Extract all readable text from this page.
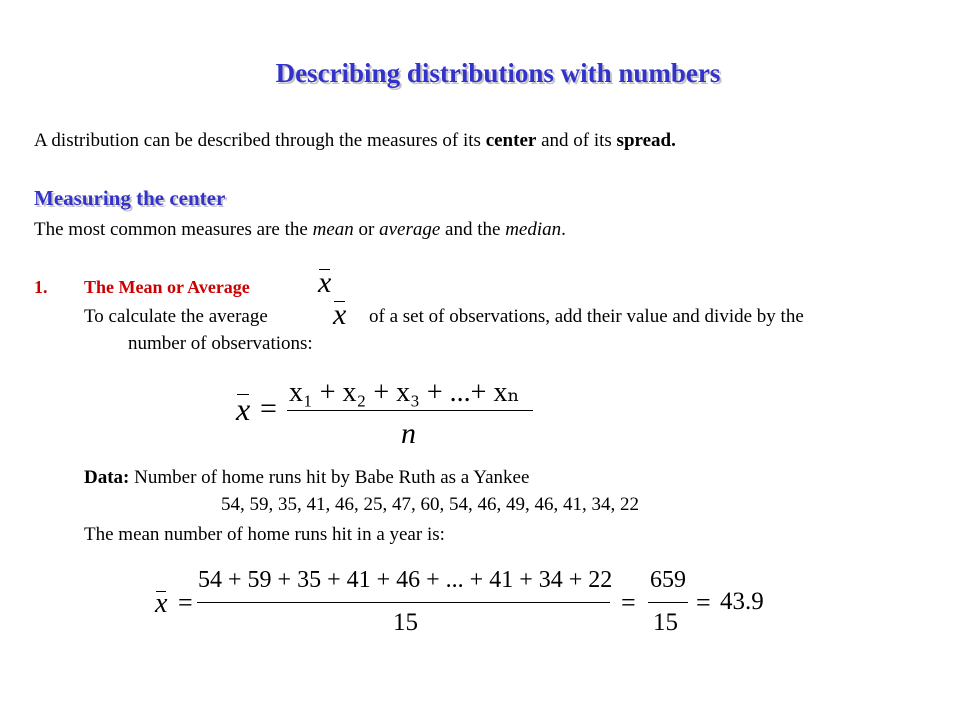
Describing distributions with numbers
A distribution can be described through the measures of its center and of its spread.
Measuring the center
The most common measures are the mean or average and the median.
1. The Mean or Average x
To calculate the average x of a set of observations, add their value and divide by the
number of observations:
x = x₁ + x₂ + x₃ + ...+ xₙ
n
Data: Number of home runs hit by Babe Ruth as a Yankee
54, 59, 35, 41, 46, 25, 47, 60, 54, 46, 49, 46, 41, 34, 22
The mean number of home runs hit in a year is:
x =
54 + 59 + 35 + 41 + 46 + ... + 41 + 34 + 22
15
=
659
15
= 43.9
